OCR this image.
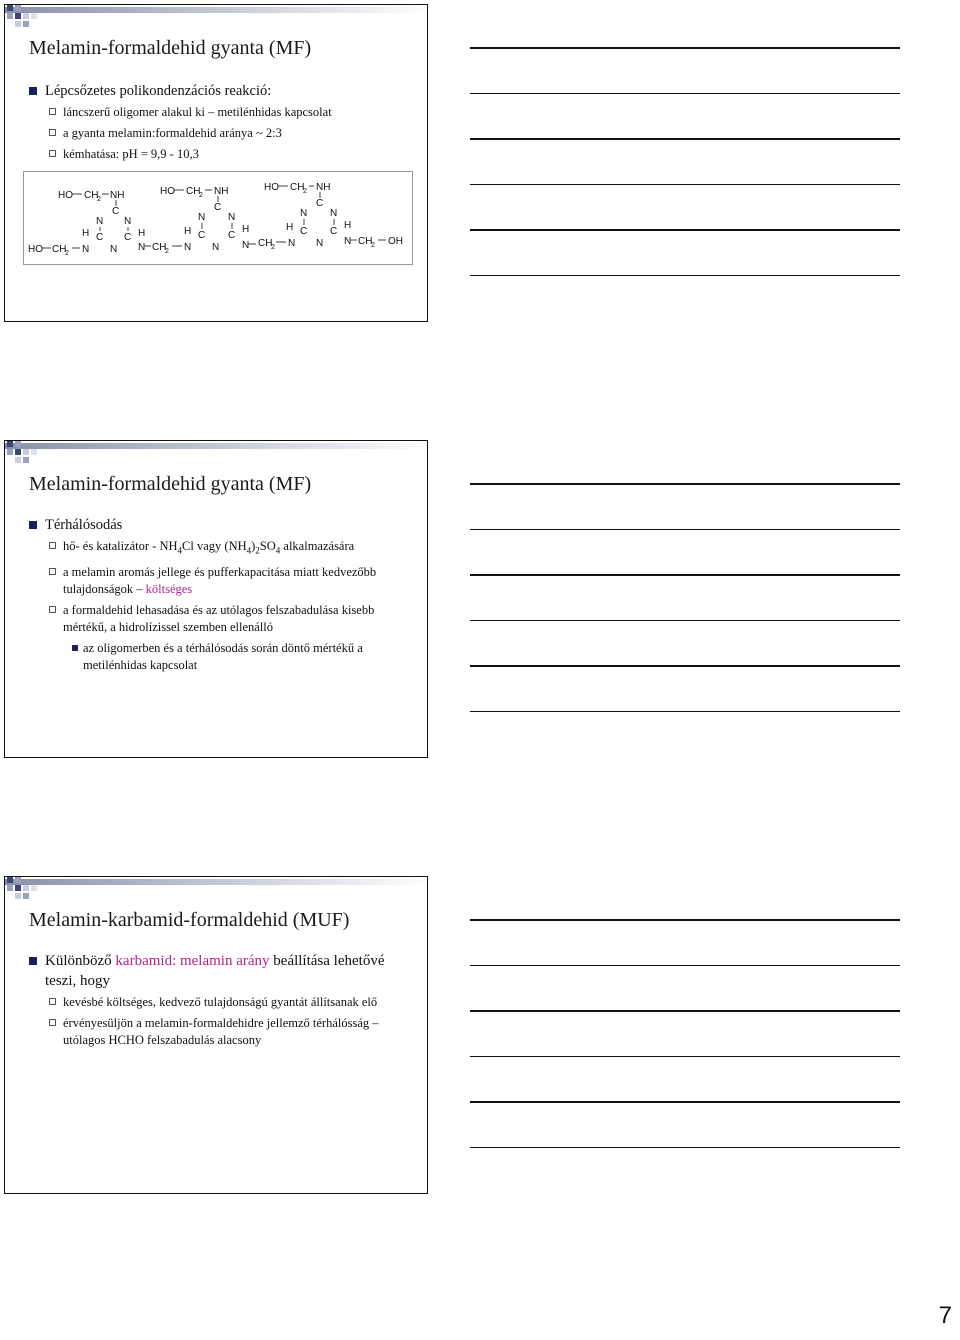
Melamin-formaldehid gyanta (MF)
Lépcsőzetes polikondenzációs reakció:
láncszerű oligomer alakul ki – metilénhidas kapcsolat
a gyanta melamin:formaldehid aránya ~ 2:3
kémhatása: pH = 9,9 - 10,3
HO CH
2 NH	HO CH
2 NH	HO CH
2 NH
C
N N
H C C H
N N N
HO CH
2
CH
2
C
N N
H C C
H
N N N
C
N N
H C C
H
N N N
CH
2
CH
2 OH
Melamin-formaldehid gyanta (MF)
Térhálósodás
hő- és katalizátor - $NH_4Cl$ vagy $(NH_4)_2SO_4$ alkalmazására
a melamin aromás jellege és pufferkapacitása miatt kedvezőbb tulajdonságok – költséges
a formaldehid lehasadása és az utólagos felszabadulása kisebb mértékű, a hidrolízissel szemben ellenálló
az oligomerben és a térhálósodás során döntő mértékű a metilénhidas kapcsolat
Melamin-karbamid-formaldehid (MUF)
Különböző karbamid: melamin arány beállítása lehetővé teszi, hogy
kevésbé költséges, kedvező tulajdonságú gyantát állítsanak elő
érvényesüljön a melamin-formaldehidre jellemző térhálósság – utólagos HCHO felszabadulás alacsony
7
